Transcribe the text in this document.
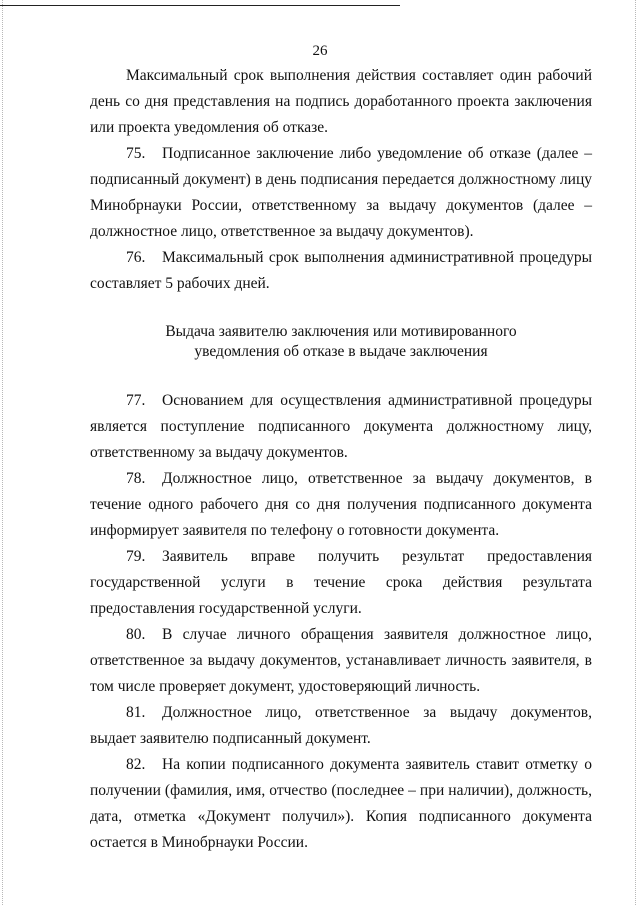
26

Максимальный срок выполнения действия составляет один рабочий день со дня представления на подпись доработанного проекта заключения или проекта уведомления об отказе.

75. Подписанное заключение либо уведомление об отказе (далее – подписанный документ) в день подписания передается должностному лицу Минобрнауки России, ответственному за выдачу документов (далее – должностное лицо, ответственное за выдачу документов).

76. Максимальный срок выполнения административной процедуры составляет 5 рабочих дней.

Выдача заявителю заключения или мотивированного
уведомления об отказе в выдаче заключения

77. Основанием для осуществления административной процедуры является поступление подписанного документа должностному лицу, ответственному за выдачу документов.

78. Должностное лицо, ответственное за выдачу документов, в течение одного рабочего дня со дня получения подписанного документа информирует заявителя по телефону о готовности документа.

79. Заявитель вправе получить результат предоставления государственной услуги в течение срока действия результата предоставления государственной услуги.

80. В случае личного обращения заявителя должностное лицо, ответственное за выдачу документов, устанавливает личность заявителя, в том числе проверяет документ, удостоверяющий личность.

81. Должностное лицо, ответственное за выдачу документов, выдает заявителю подписанный документ.

82. На копии подписанного документа заявитель ставит отметку о получении (фамилия, имя, отчество (последнее – при наличии), должность, дата, отметка «Документ получил»). Копия подписанного документа остается в Минобрнауки России.
